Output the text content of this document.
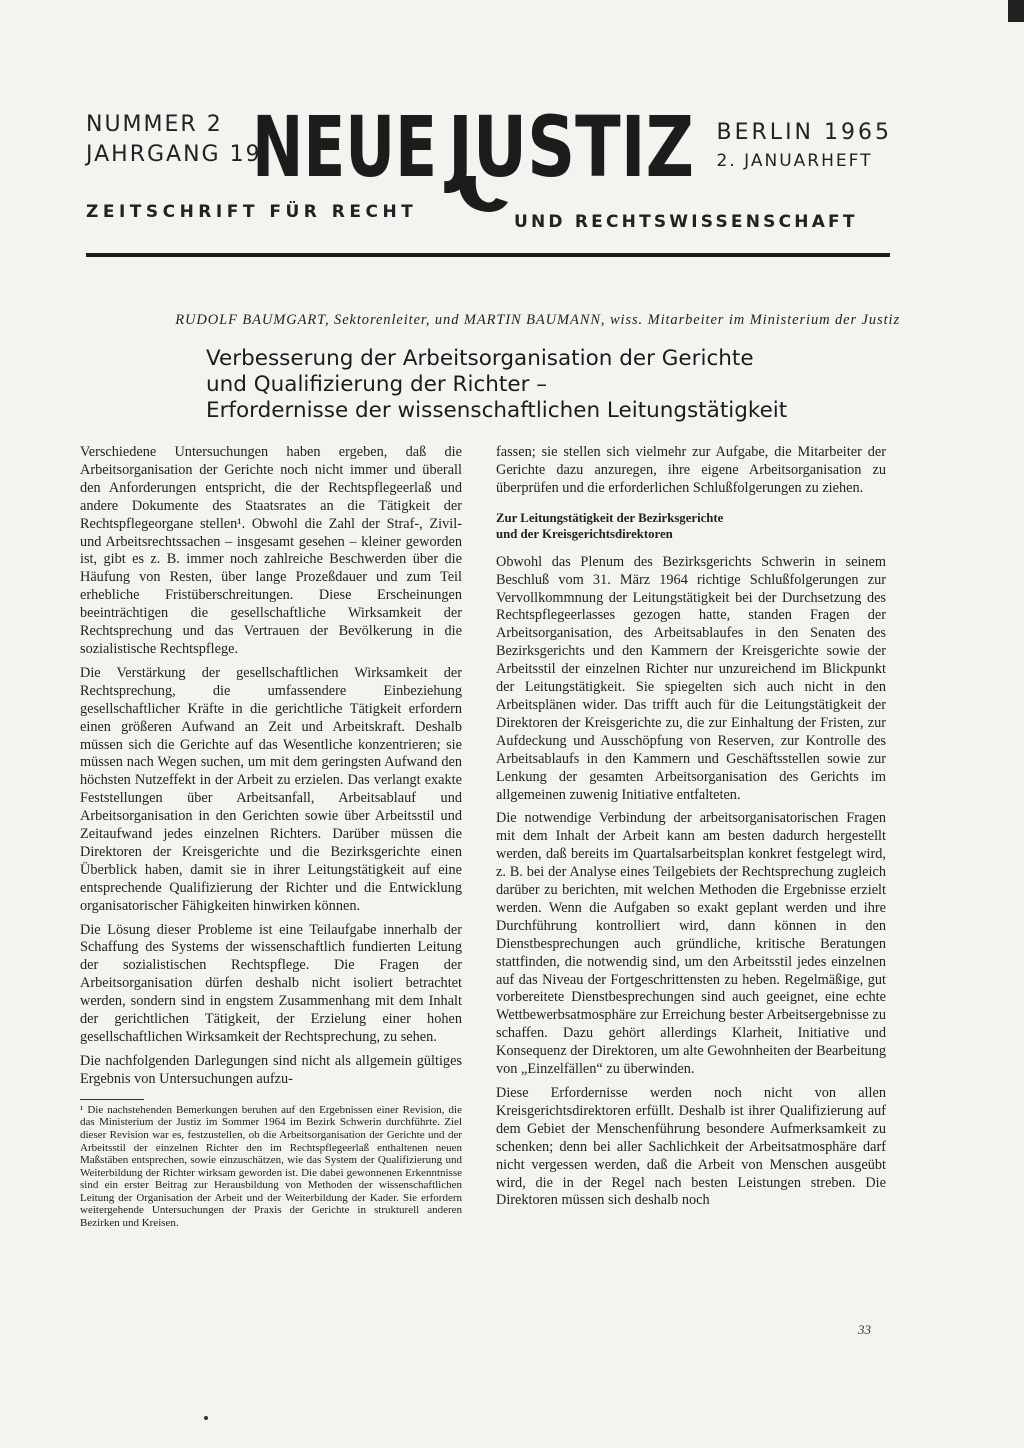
NUMMER 2
JAHRGANG 19
NEUE JUSTIZ BERLIN 1965
2. JANUARHEFT
ZEITSCHRIFT FÜR RECHT	UND RECHTSWISSENSCHAFT
RUDOLF BAUMGART, Sektorenleiter, und MARTIN BAUMANN, wiss. Mitarbeiter im Ministerium der Justiz
Verbesserung der Arbeitsorganisation der Gerichte
und Qualifizierung der Richter –
Erfordernisse der wissenschaftlichen Leitungstätigkeit

Verschiedene Untersuchungen haben ergeben, daß die Arbeitsorganisation der Gerichte noch nicht immer und überall den Anforderungen entspricht, die der Rechtspflegeerlaß und andere Dokumente des Staatsrates an die Tätigkeit der Rechtspflegeorgane stellen¹. Obwohl die Zahl der Straf-, Zivil- und Arbeitsrechtssachen – insgesamt gesehen – kleiner geworden ist, gibt es z. B. immer noch zahlreiche Beschwerden über die Häufung von Resten, über lange Prozeßdauer und zum Teil erhebliche Fristüberschreitungen. Diese Erscheinungen beeinträchtigen die gesellschaftliche Wirksamkeit der Rechtsprechung und das Vertrauen der Bevölkerung in die sozialistische Rechtspflege.

Die Verstärkung der gesellschaftlichen Wirksamkeit der Rechtsprechung, die umfassendere Einbeziehung gesellschaftlicher Kräfte in die gerichtliche Tätigkeit erfordern einen größeren Aufwand an Zeit und Arbeitskraft. Deshalb müssen sich die Gerichte auf das Wesentliche konzentrieren; sie müssen nach Wegen suchen, um mit dem geringsten Aufwand den höchsten Nutzeffekt in der Arbeit zu erzielen. Das verlangt exakte Feststellungen über Arbeitsanfall, Arbeitsablauf und Arbeitsorganisation in den Gerichten sowie über Arbeitsstil und Zeitaufwand jedes einzelnen Richters. Darüber müssen die Direktoren der Kreisgerichte und die Bezirksgerichte einen Überblick haben, damit sie in ihrer Leitungstätigkeit auf eine entsprechende Qualifizierung der Richter und die Entwicklung organisatorischer Fähigkeiten hinwirken können.

Die Lösung dieser Probleme ist eine Teilaufgabe innerhalb der Schaffung des Systems der wissenschaftlich fundierten Leitung der sozialistischen Rechtspflege. Die Fragen der Arbeitsorganisation dürfen deshalb nicht isoliert betrachtet werden, sondern sind in engstem Zusammenhang mit dem Inhalt der gerichtlichen Tätigkeit, der Erzielung einer hohen gesellschaftlichen Wirksamkeit der Rechtsprechung, zu sehen.

Die nachfolgenden Darlegungen sind nicht als allgemein gültiges Ergebnis von Untersuchungen aufzu-

¹ Die nachstehenden Bemerkungen beruhen auf den Ergebnissen einer Revision, die das Ministerium der Justiz im Sommer 1964 im Bezirk Schwerin durchführte. Ziel dieser Revision war es, festzustellen, ob die Arbeitsorganisation der Gerichte und der Arbeitsstil der einzelnen Richter den im Rechtspflegeerlaß enthaltenen neuen Maßstäben entsprechen, sowie einzuschätzen, wie das System der Qualifizierung und Weiterbildung der Richter wirksam geworden ist. Die dabei gewonnenen Erkenntnisse sind ein erster Beitrag zur Herausbildung von Methoden der wissenschaftlichen Leitung der Organisation der Arbeit und der Weiterbildung der Kader. Sie erfordern weitergehende Untersuchungen der Praxis der Gerichte in strukturell anderen Bezirken und Kreisen.

fassen; sie stellen sich vielmehr zur Aufgabe, die Mitarbeiter der Gerichte dazu anzuregen, ihre eigene Arbeitsorganisation zu überprüfen und die erforderlichen Schlußfolgerungen zu ziehen.

Zur Leitungstätigkeit der Bezirksgerichte
und der Kreisgerichtsdirektoren

Obwohl das Plenum des Bezirksgerichts Schwerin in seinem Beschluß vom 31. März 1964 richtige Schlußfolgerungen zur Vervollkommnung der Leitungstätigkeit bei der Durchsetzung des Rechtspflegeerlasses gezogen hatte, standen Fragen der Arbeitsorganisation, des Arbeitsablaufes in den Senaten des Bezirksgerichts und den Kammern der Kreisgerichte sowie der Arbeitsstil der einzelnen Richter nur unzureichend im Blickpunkt der Leitungstätigkeit. Sie spiegelten sich auch nicht in den Arbeitsplänen wider. Das trifft auch für die Leitungstätigkeit der Direktoren der Kreisgerichte zu, die zur Einhaltung der Fristen, zur Aufdeckung und Ausschöpfung von Reserven, zur Kontrolle des Arbeitsablaufs in den Kammern und Geschäftsstellen sowie zur Lenkung der gesamten Arbeitsorganisation des Gerichts im allgemeinen zuwenig Initiative entfalteten.

Die notwendige Verbindung der arbeitsorganisatorischen Fragen mit dem Inhalt der Arbeit kann am besten dadurch hergestellt werden, daß bereits im Quartalsarbeitsplan konkret festgelegt wird, z. B. bei der Analyse eines Teilgebiets der Rechtsprechung zugleich darüber zu berichten, mit welchen Methoden die Ergebnisse erzielt werden. Wenn die Aufgaben so exakt geplant werden und ihre Durchführung kontrolliert wird, dann können in den Dienstbesprechungen auch gründliche, kritische Beratungen stattfinden, die notwendig sind, um den Arbeitsstil jedes einzelnen auf das Niveau der Fortgeschrittensten zu heben. Regelmäßige, gut vorbereitete Dienstbesprechungen sind auch geeignet, eine echte Wettbewerbsatmosphäre zur Erreichung bester Arbeitsergebnisse zu schaffen. Dazu gehört allerdings Klarheit, Initiative und Konsequenz der Direktoren, um alte Gewohnheiten der Bearbeitung von „Einzelfällen“ zu überwinden.

Diese Erfordernisse werden noch nicht von allen Kreisgerichtsdirektoren erfüllt. Deshalb ist ihrer Qualifizierung auf dem Gebiet der Menschenführung besondere Aufmerksamkeit zu schenken; denn bei aller Sachlichkeit der Arbeitsatmosphäre darf nicht vergessen werden, daß die Arbeit von Menschen ausgeübt wird, die in der Regel nach besten Leistungen streben. Die Direktoren müssen sich deshalb noch

33
